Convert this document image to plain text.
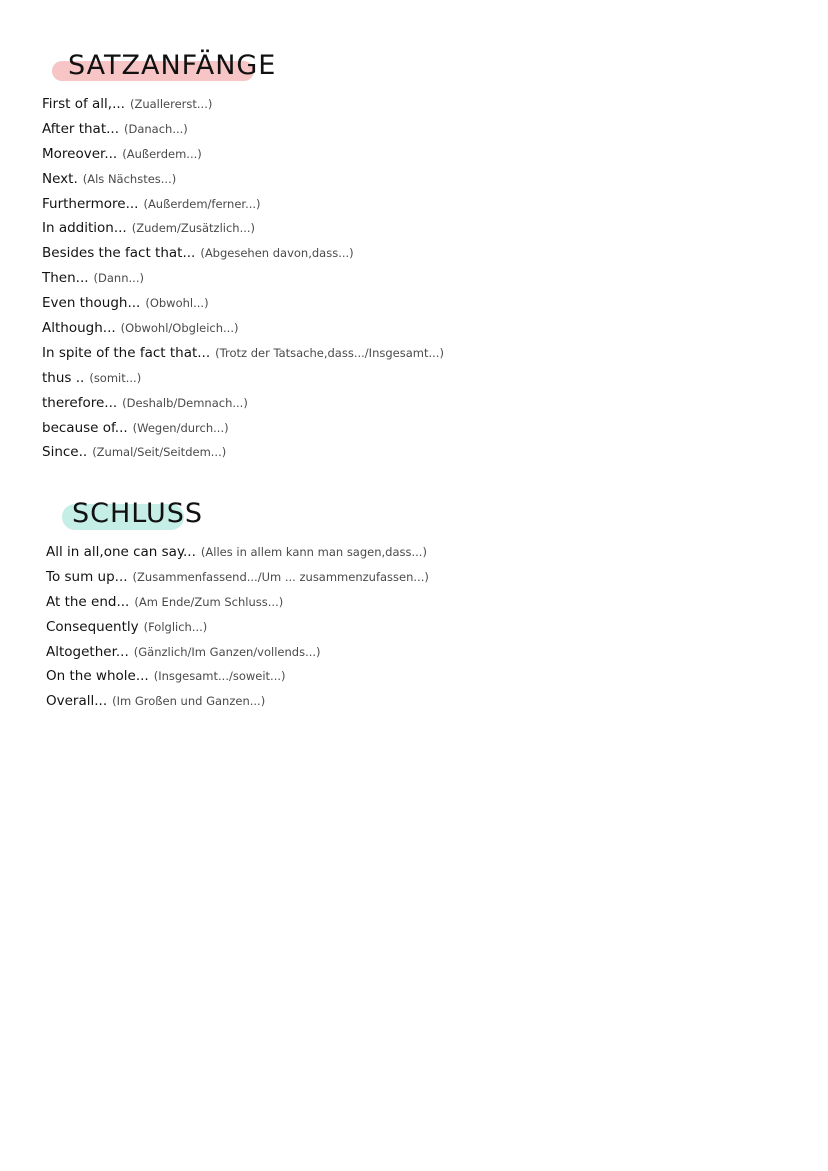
SATZANFÄNGE
First of all,... (Zuallererst...)
After that... (Danach...)
Moreover... (Außerdem...)
Next. (Als Nächstes...)
Furthermore... (Außerdem/ferner...)
In addition... (Zudem/Zusätzlich...)
Besides the fact that... (Abgesehen davon,dass...)
Then... (Dann...)
Even though... (Obwohl...)
Although... (Obwohl/Obgleich...)
In spite of the fact that... (Trotz der Tatsache,dass.../Insgesamt...)
thus .. (somit...)
therefore... (Deshalb/Demnach...)
because of... (Wegen/durch...)
Since.. (Zumal/Seit/Seitdem...)
SCHLUSS
All in all,one can say... (Alles in allem kann man sagen,dass...)
To sum up... (Zusammenfassend.../Um ... zusammenzufassen...)
At the end... (Am Ende/Zum Schluss...)
Consequently (Folglich...)
Altogether... (Gänzlich/Im Ganzen/vollends...)
On the whole... (Insgesamt.../soweit...)
Overall... (Im Großen und Ganzen...)
